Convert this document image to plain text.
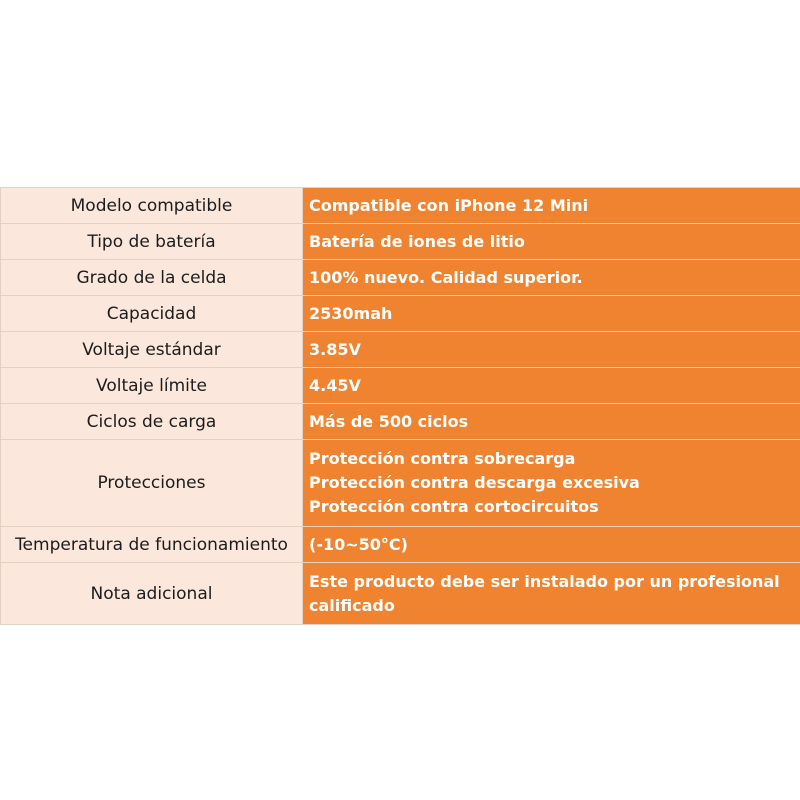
Modelo compatible	Compatible con iPhone 12 Mini

Tipo de batería	Batería de iones de litio

Grado de la celda	100% nuevo. Calidad superior.

Capacidad	2530mah

Voltaje estándar	3.85V

Voltaje límite	4.45V

Ciclos de carga	Más de 500 ciclos

Protecciones	Protección contra sobrecarga
Protección contra descarga excesiva
Protección contra cortocircuitos

Temperatura de funcionamiento	(-10~50°C)

Nota adicional	Este producto debe ser instalado por un profesional
calificado
